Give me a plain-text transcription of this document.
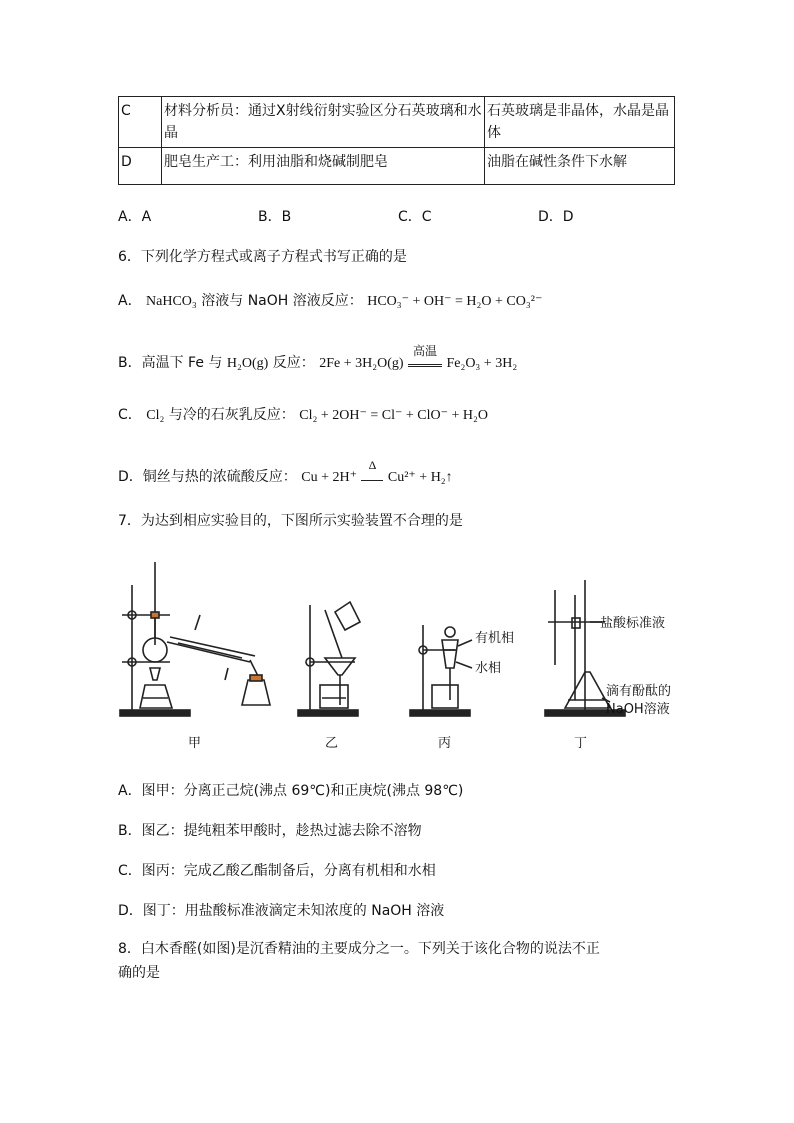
C	材料分析员：通过X射线衍射实验区分石英玻璃和水晶	石英玻璃是非晶体，水晶是晶体
D	肥皂生产工：利用油脂和烧碱制肥皂	油脂在碱性条件下水解
A．A	B．B	C．C	D．D
6．下列化学方程式或离子方程式书写正确的是
A． NaHCO₃ 溶液与 NaOH 溶液反应： HCO₃⁻ + OH⁻ = H₂O + CO₃²⁻
B．高温下 Fe 与 H₂O(g) 反应： 2Fe + 3H₂O(g)
高温
Fe₂O₃ + 3H₂
C． Cl₂ 与冷的石灰乳反应： Cl₂ + 2OH⁻ = Cl⁻ + ClO⁻ + H₂O
D．铜丝与热的浓硫酸反应： Cu + 2H⁺
Δ
Cu²⁺ + H₂↑
7．为达到相应实验目的，下图所示实验装置不合理的是
有机相
水相
盐酸标准液
滴有酚酞的
NaOH溶液
甲	乙	丙	丁
A．图甲：分离正己烷(沸点 69℃)和正庚烷(沸点 98℃)
B．图乙：提纯粗苯甲酸时，趁热过滤去除不溶物
C．图丙：完成乙酸乙酯制备后，分离有机相和水相
D．图丁：用盐酸标准液滴定未知浓度的 NaOH 溶液
8．白木香醛(如图)是沉香精油的主要成分之一。下列关于该化合物的说法不正
确的是
